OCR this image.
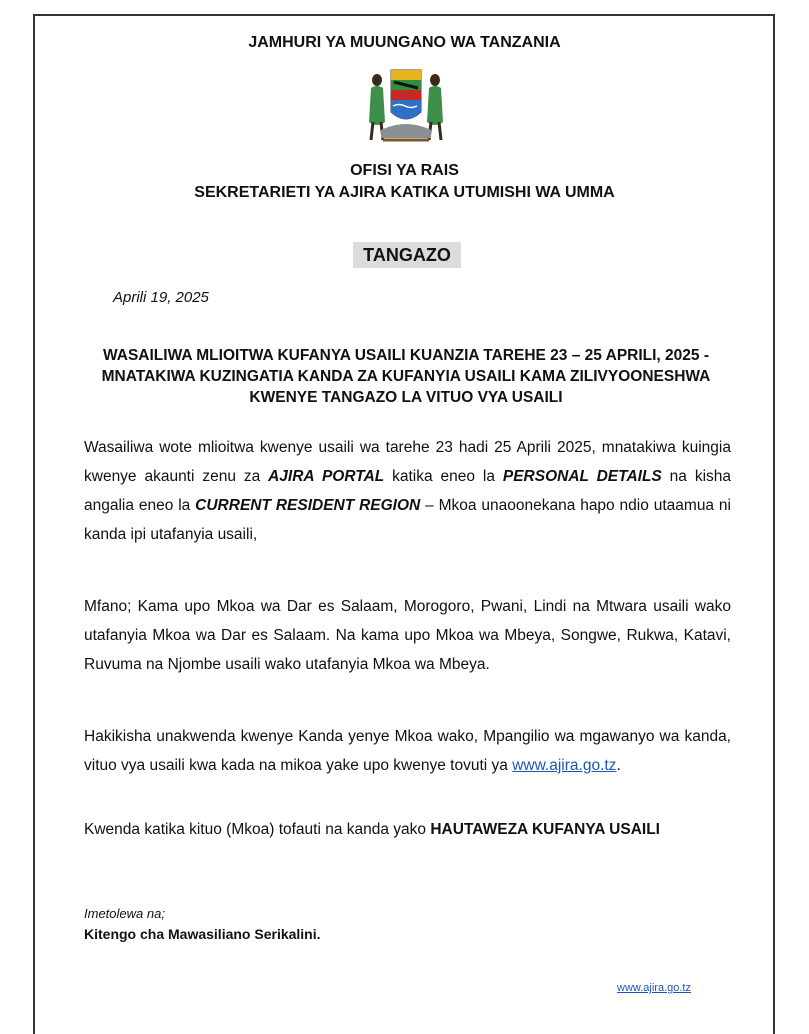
JAMHURI YA MUUNGANO WA TANZANIA
OFISI YA RAIS
SEKRETARIETI YA AJIRA KATIKA UTUMISHI WA UMMA
TANGAZO
Aprili 19, 2025
WASAILIWA MLIOITWA KUFANYA USAILI KUANZIA TAREHE 23 – 25 APRILI, 2025 - MNATAKIWA KUZINGATIA KANDA ZA KUFANYIA USAILI KAMA ZILIVYOONESHWA KWENYE TANGAZO LA VITUO VYA USAILI
Wasailiwa wote mlioitwa kwenye usaili wa tarehe 23 hadi 25 Aprili 2025, mnatakiwa kuingia kwenye akaunti zenu za AJIRA PORTAL katika eneo la PERSONAL DETAILS na kisha angalia eneo la CURRENT RESIDENT REGION – Mkoa unaoonekana hapo ndio utaamua ni kanda ipi utafanyia usaili,
Mfano; Kama upo Mkoa wa Dar es Salaam, Morogoro, Pwani, Lindi na Mtwara usaili wako utafanyia Mkoa wa Dar es Salaam. Na kama upo Mkoa wa Mbeya, Songwe, Rukwa, Katavi, Ruvuma na Njombe usaili wako utafanyia Mkoa wa Mbeya.
Hakikisha unakwenda kwenye Kanda yenye Mkoa wako, Mpangilio wa mgawanyo wa kanda, vituo vya usaili kwa kada na mikoa yake upo kwenye tovuti ya www.ajira.go.tz.
Kwenda katika kituo (Mkoa) tofauti na kanda yako HAUTAWEZA KUFANYA USAILI
Imetolewa na;
Kitengo cha Mawasiliano Serikalini.
www.ajira.go.tz
